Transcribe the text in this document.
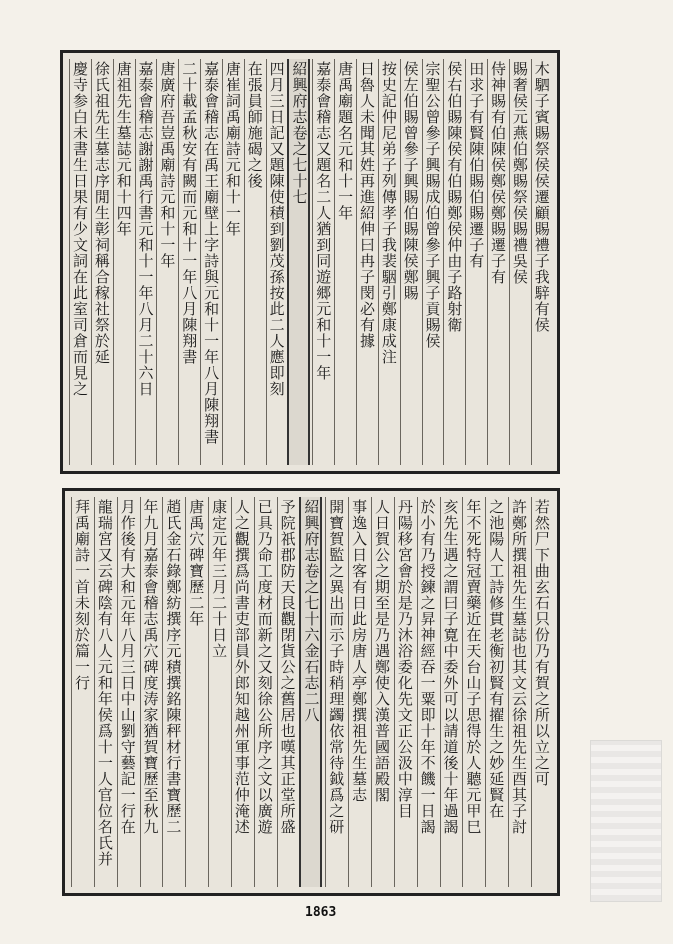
木駟子賓賜祭侯侯遷顧賜禮子我騂有侯
賜奢侯元燕伯鄭賜祭侯賜禮吳侯
侍神賜有伯陳侯鄭侯鄭賜遷子有
田求子有賢陳伯賜伯賜遷子有
侯右伯賜陳侯有伯賜鄭侯仲由子路射衛
宗聖公曾參子興賜成伯曾參子興子貢賜侯
侯左伯賜曾參子興賜伯賜陳侯鄭賜
按史記仲尼弟子列傳孝子我裴駰引鄭康成注
日魯人未聞其姓再進紹伸曰冉子閔必有據
唐禹廟題名元和十一年
嘉泰會稽志又題名二人猶到同遊郷元和十一年
紹興府志卷之七十七
四月三日記又題陳使積到劉茂孫按此二人應即刻
在張員師施碣之後
唐崔詞禹廟詩元和十一年
嘉泰會稽志在禹王廟壁上字詩與元和十一年八月陳翔書
二十載孟秋安有闕而元和十一年八月陳翔書
唐廣府吾豈禹廟詩元和十一年
嘉泰會稽志謝謝禹行書元和十一年八月二十六日
唐祖先生墓誌元和十四年
徐氏祖先生墓志序閒生彰祠稱合稼社祭於延
慶寺参白未書生日果有少文詞在此室司倉而見之
若然尸下曲玄石只份乃有賀之所以立之可
許鄭所撰祖先生墓誌也其文云徐祖先生酉其子討
之池陽人工詩修貫老衡初賢有擢生之妙延賢在
年不死特冠賣藥近在天台山子思得於人聽元甲巳
亥先生遇之謂曰子寛中委外可以請道後十年過謁
於小有乃授鍊之昇神經吞一粟即十年不饑一日謁
丹陽移宮會於是乃沐浴委化先文正公汲中淳目
人日賀公之期至是乃遇鄭使入漢普國語殿閣
事逸入日客有日此房唐人亭鄭撰祖先生墓志
開寶賀監之異出而示子時稍理蠲依常待鉞爲之研
紹興府志卷之七十六金石志二八
予院祇郡防天艮觀閉貨公之舊居也嘆其正堂所盛
已具乃命工度材而新之又刻徐公所序之文以廣遊
人之觀撰爲尚書吏部員外郎知越州軍事范仲淹述
康定元年三月二十日立
唐禹穴碑寶歷二年
趙氏金石錄鄭紡撰序元積撰銘陳秤材行書寶歷二
年九月嘉泰會稽志禹穴碑度涛家猶賀寶歷至秋九
月作後有大和元年八月三日中山劉守藝記一行在
龍瑞宮又云碑陰有八人元和年侯爲十一人官位名氏并
拜禹廟詩一首未刻於篇一行
1863
